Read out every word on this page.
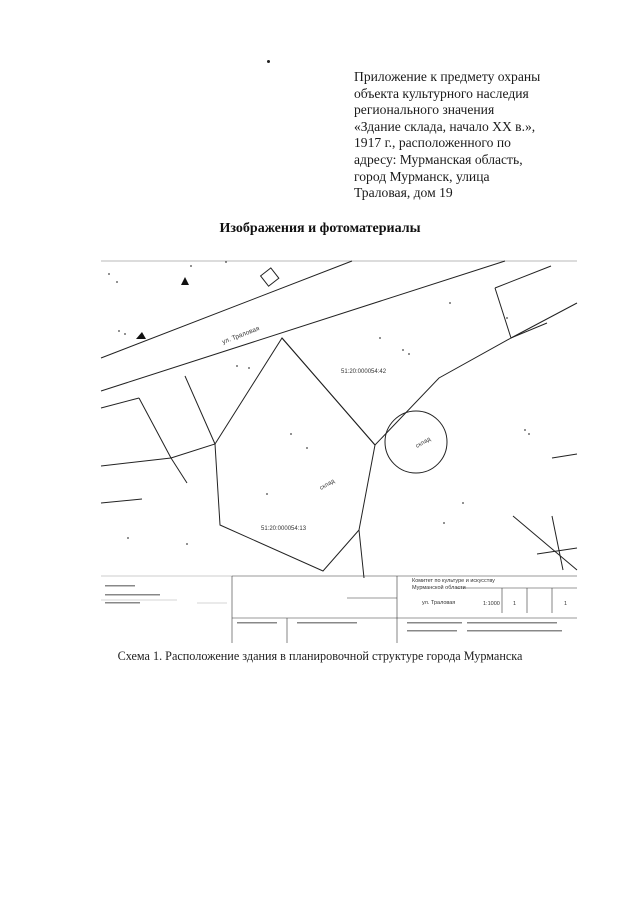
Приложение к предмету охраны
объекта культурного наследия
регионального значения
«Здание склада, начало XX в.»,
1917 г., расположенного по
адресу: Мурманская область,
город Мурманск, улица
Траловая, дом 19
Изображения и фотоматериалы
ул. Траловая
51:20:000054:42
51:20:000054:13
склад
склад
Комитет по культуре и искусству
Мурманской области
ул. Траловая	1:1000 1	1
Схема 1. Расположение здания в планировочной структуре города Мурманска
